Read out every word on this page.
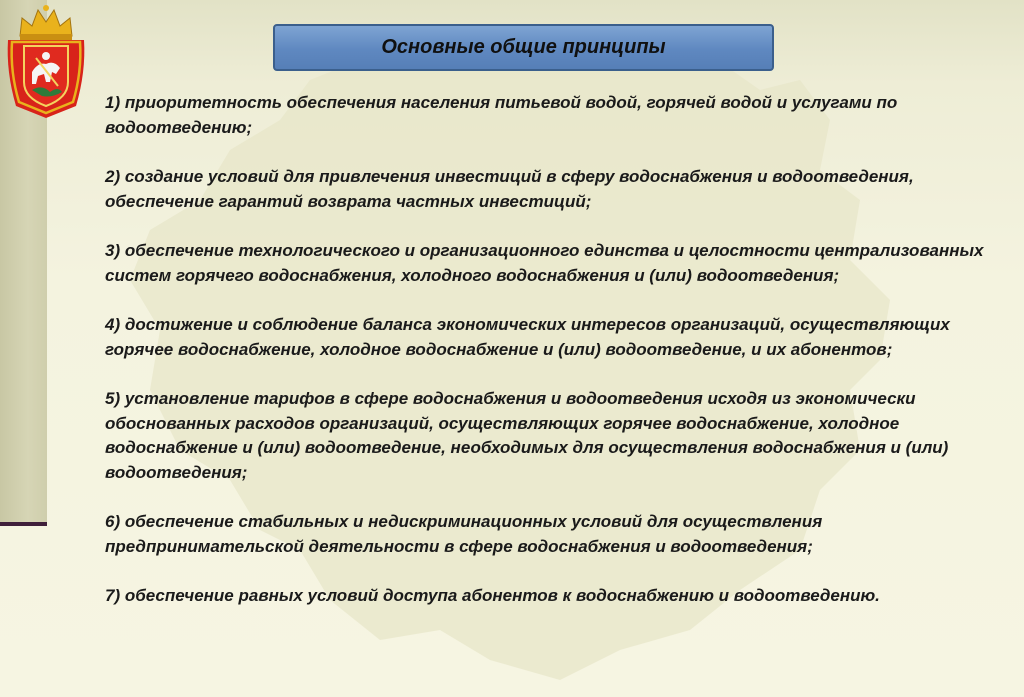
Основные общие принципы

1) приоритетность обеспечения населения питьевой водой, горячей водой и услугами по водоотведению;

2) создание условий для привлечения инвестиций в сферу водоснабжения и водоотведения, обеспечение гарантий возврата частных инвестиций;

3) обеспечение технологического и организационного единства и целостности централизованных систем горячего водоснабжения, холодного водоснабжения и (или) водоотведения;

4) достижение и соблюдение баланса экономических интересов организаций, осуществляющих горячее водоснабжение, холодное водоснабжение и (или) водоотведение, и их абонентов;

5) установление тарифов в сфере водоснабжения и водоотведения исходя из экономически обоснованных расходов организаций, осуществляющих горячее водоснабжение, холодное водоснабжение и (или) водоотведение, необходимых для осуществления водоснабжения и (или) водоотведения;

6) обеспечение стабильных и недискриминационных условий для осуществления предпринимательской деятельности в сфере водоснабжения и водоотведения;

7) обеспечение равных условий доступа абонентов к водоснабжению и водоотведению.
